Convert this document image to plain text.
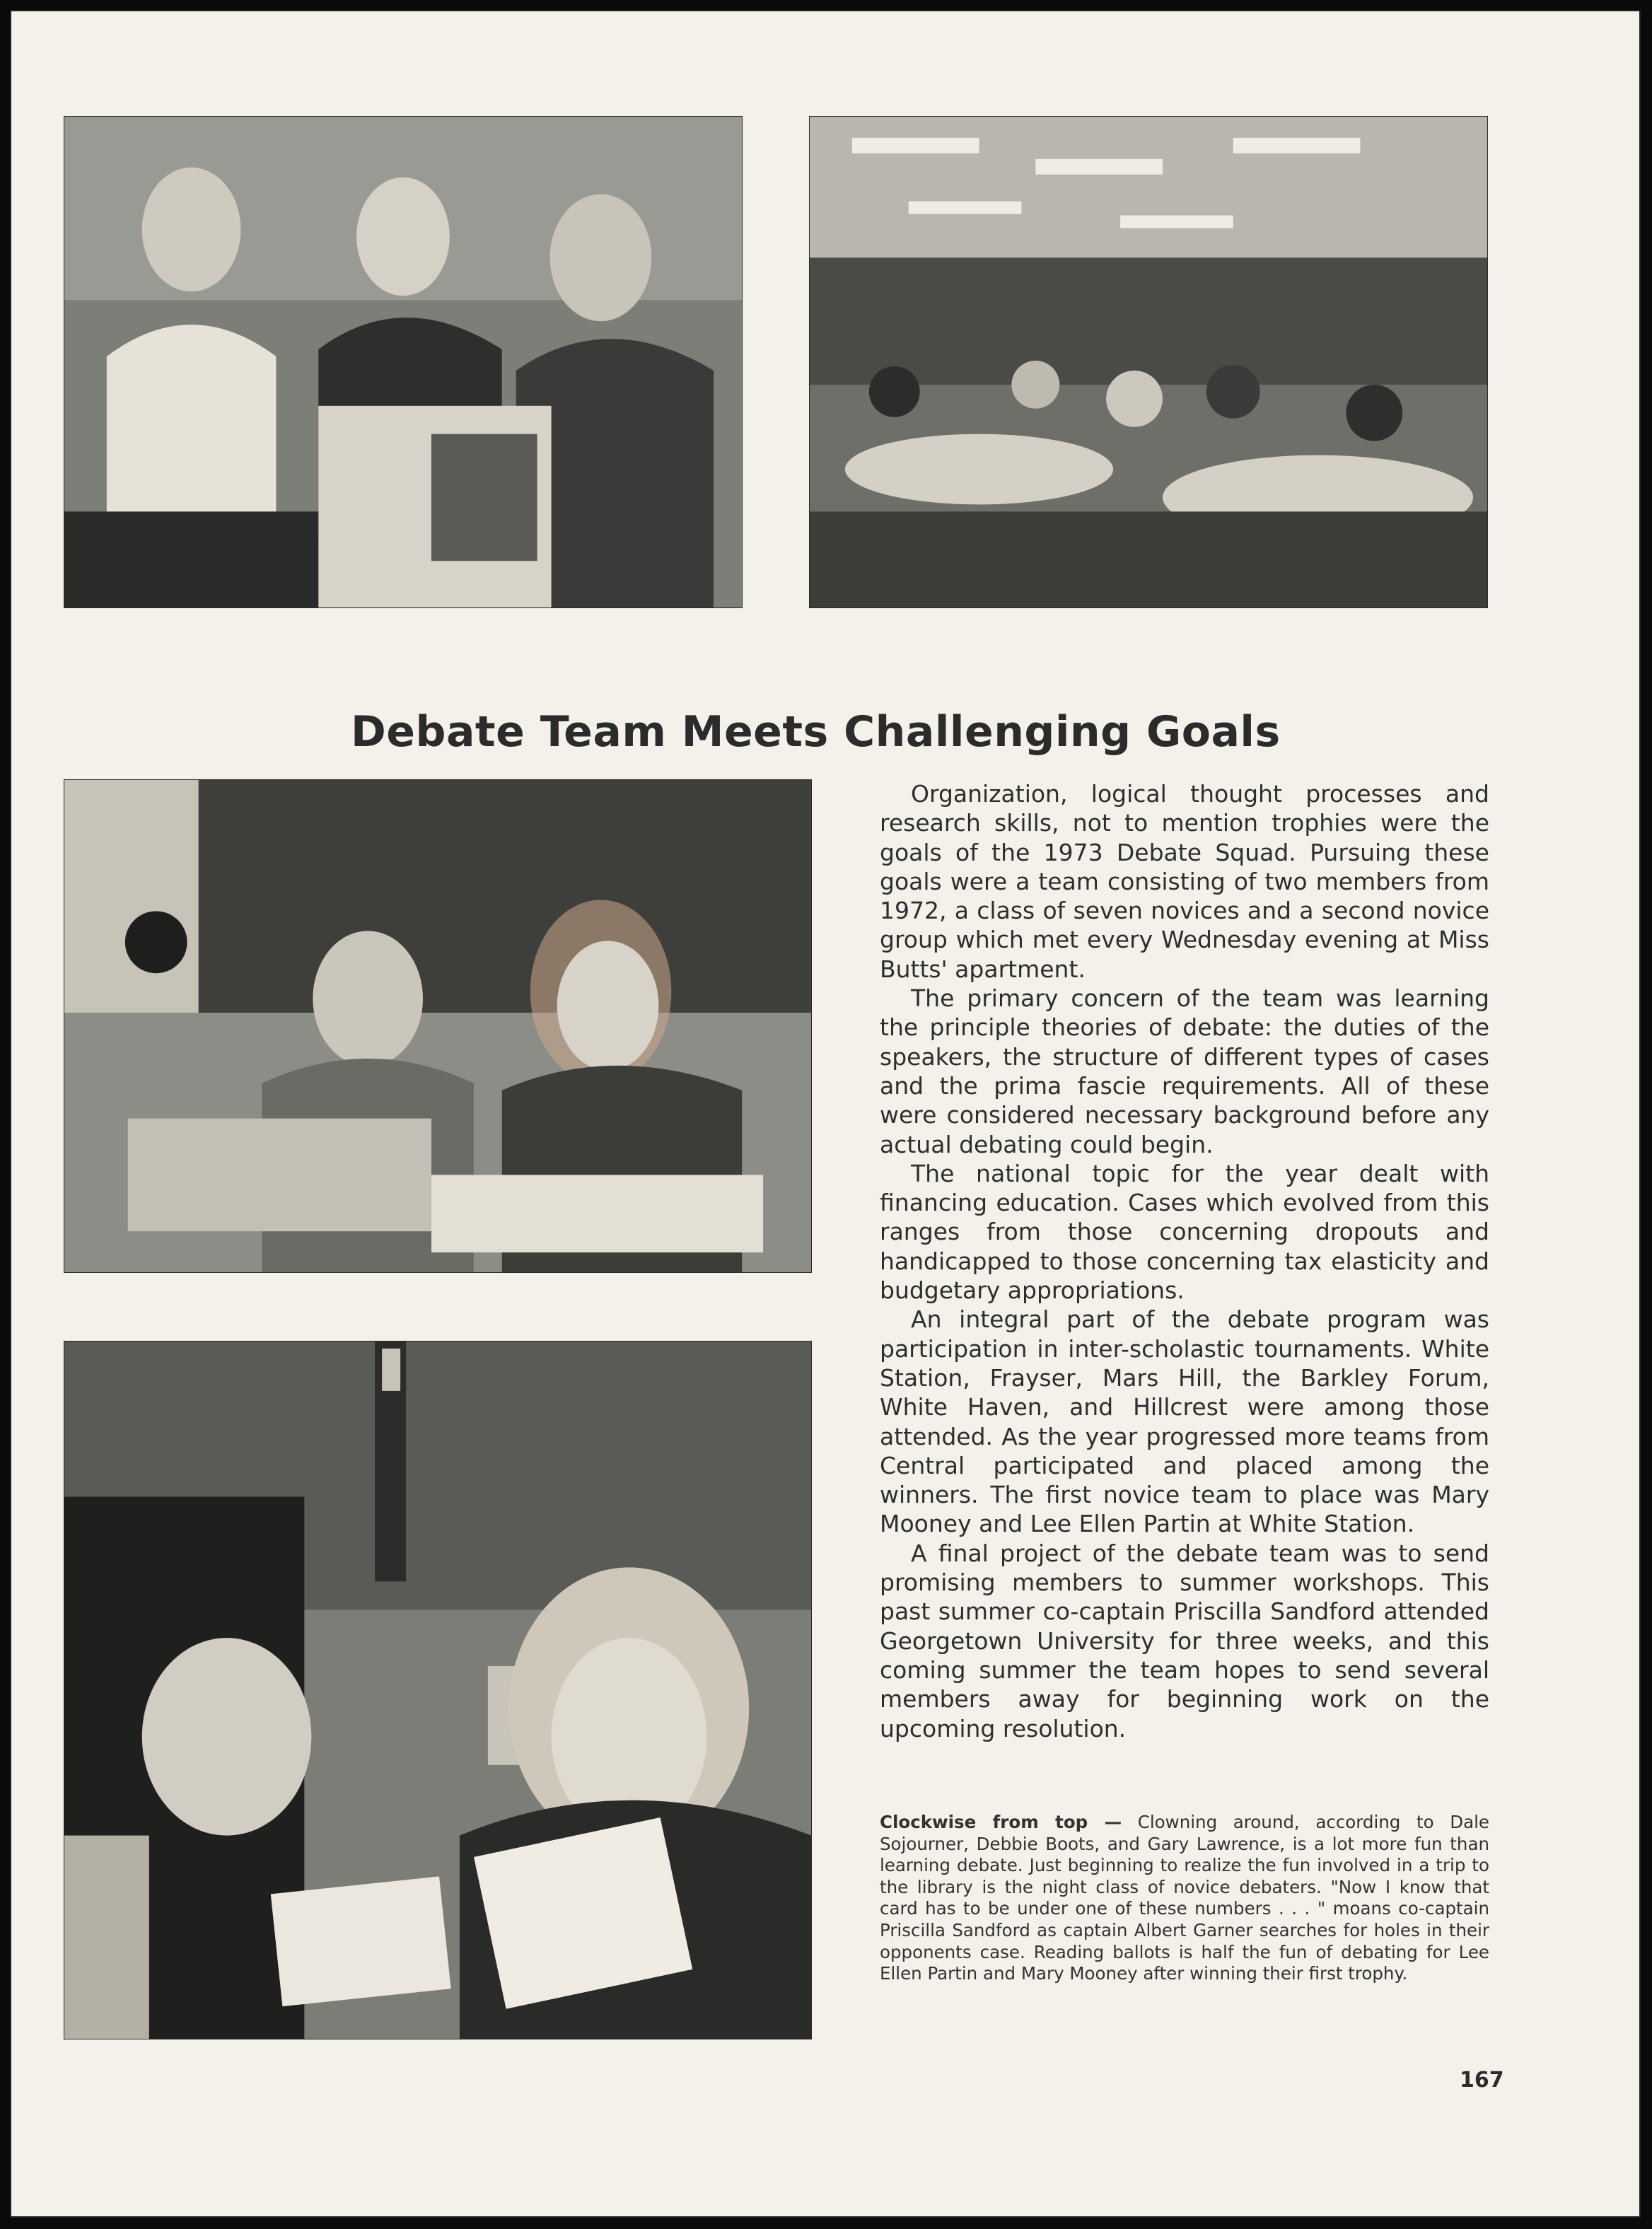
Debate Team Meets Challenging Goals

Organization, logical thought processes and research skills, not to mention trophies were the goals of the 1973 Debate Squad. Pursuing these goals were a team consisting of two members from 1972, a class of seven novices and a second novice group which met every Wednesday evening at Miss Butts' apartment.

The primary concern of the team was learning the principle theories of debate: the duties of the speakers, the structure of different types of cases and the prima fascie requirements. All of these were considered necessary background before any actual debating could begin.

The national topic for the year dealt with financing education. Cases which evolved from this ranges from those concerning dropouts and handicapped to those concerning tax elasticity and budgetary appropriations.

An integral part of the debate program was participation in inter-scholastic tournaments. White Station, Frayser, Mars Hill, the Barkley Forum, White Haven, and Hillcrest were among those attended. As the year progressed more teams from Central participated and placed among the winners. The first novice team to place was Mary Mooney and Lee Ellen Partin at White Station.

A final project of the debate team was to send promising members to summer workshops. This past summer co-captain Priscilla Sandford attended Georgetown University for three weeks, and this coming summer the team hopes to send several members away for beginning work on the upcoming resolution.

Clockwise from top — Clowning around, according to Dale Sojourner, Debbie Boots, and Gary Lawrence, is a lot more fun than learning debate. Just beginning to realize the fun involved in a trip to the library is the night class of novice debaters. "Now I know that card has to be under one of these numbers . . . " moans co-captain Priscilla Sandford as captain Albert Garner searches for holes in their opponents case. Reading ballots is half the fun of debating for Lee Ellen Partin and Mary Mooney after winning their first trophy.
167
